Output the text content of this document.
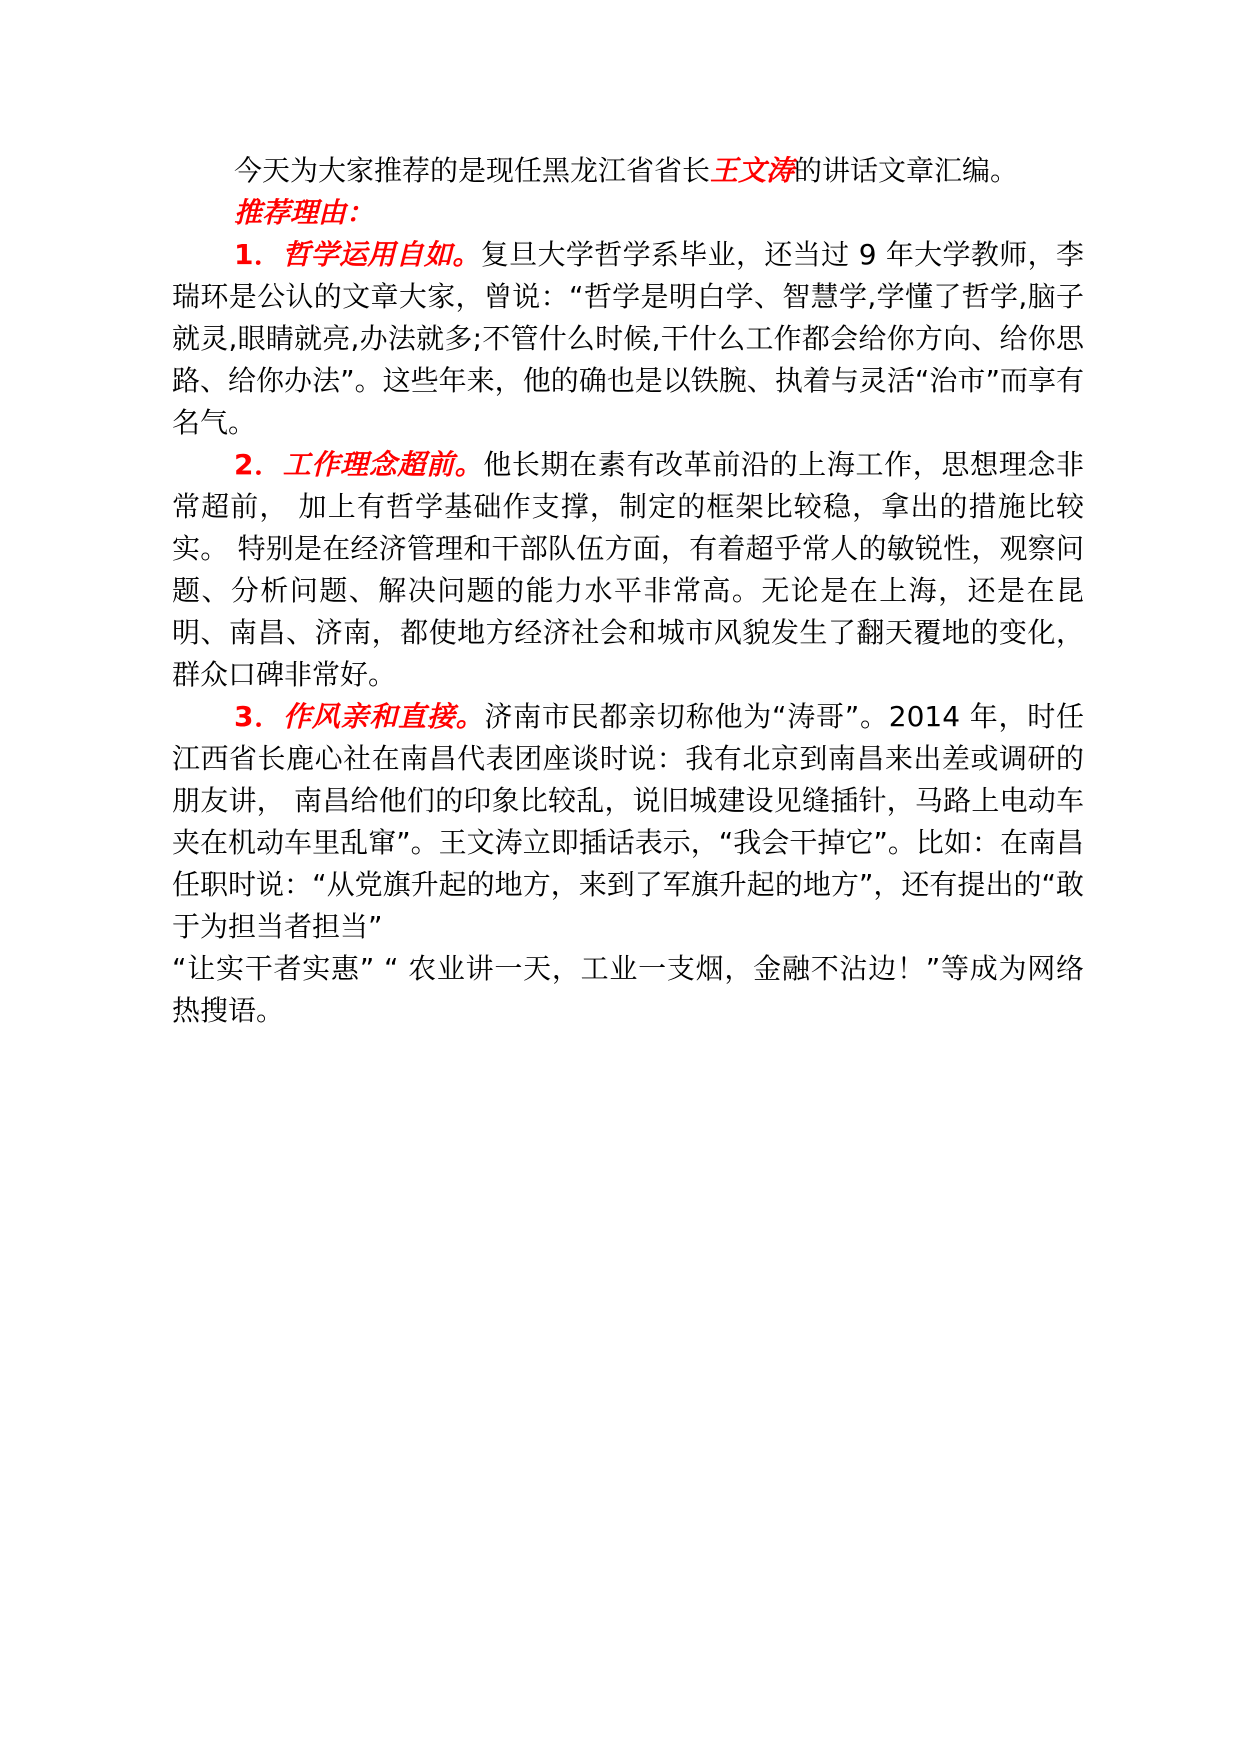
今天为大家推荐的是现任黑龙江省省长王文涛的讲话文章汇编。

推荐理由：

1．哲学运用自如。复旦大学哲学系毕业，还当过 9 年大学教师，李瑞环是公认的文章大家，曾说：“哲学是明白学、智慧学,学懂了哲学,脑子就灵,眼睛就亮,办法就多;不管什么时候,干什么工作都会给你方向、给你思路、给你办法”。这些年来，他的确也是以铁腕、执着与灵活“治市”而享有名气。

2．工作理念超前。他长期在素有改革前沿的上海工作，思想理念非常超前， 加上有哲学基础作支撑，制定的框架比较稳，拿出的措施比较实。 特别是在经济管理和干部队伍方面，有着超乎常人的敏锐性，观察问题、分析问题、解决问题的能力水平非常高。无论是在上海，还是在昆明、南昌、济南，都使地方经济社会和城市风貌发生了翻天覆地的变化，群众口碑非常好。

3．作风亲和直接。济南市民都亲切称他为“涛哥”。2014 年，时任江西省长鹿心社在南昌代表团座谈时说：我有北京到南昌来出差或调研的朋友讲， 南昌给他们的印象比较乱，说旧城建设见缝插针，马路上电动车夹在机动车里乱窜”。王文涛立即插话表示，“我会干掉它”。比如：在南昌任职时说：“从党旗升起的地方，来到了军旗升起的地方”，还有提出的“敢于为担当者担当”

“让实干者实惠” “ 农业讲一天，工业一支烟，金融不沾边！”等成为网络热搜语。
